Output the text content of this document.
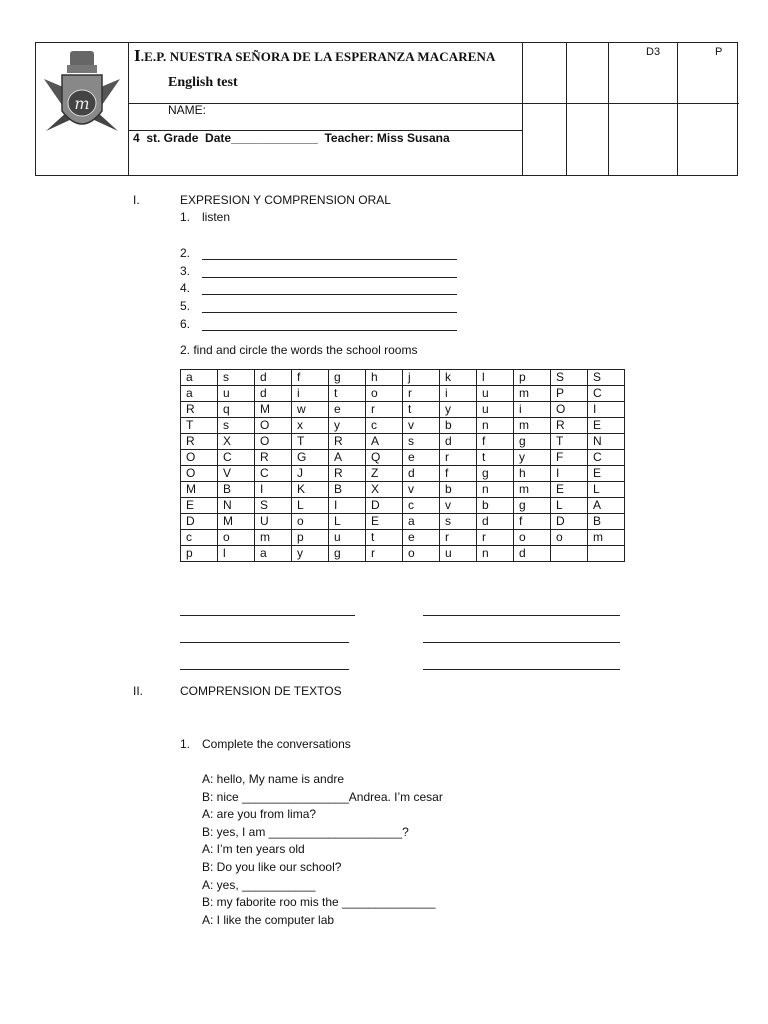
m
I.E.P. NUESTRA SEÑORA DE LA ESPERANZA MACARENA
English test
NAME:
4  st. Grade  Date_____________  Teacher: Miss Susana
D3	P
I.	EXPRESION Y COMPRENSION ORAL
1. listen
2.
3.
4.
5.
6.
2. find and circle the words the school rooms
a	s	d	f	g	h	j	k	l	p	S	S
a	u	d	i	t	o	r	i	u	m	P	C
R	q	M	w	e	r	t	y	u	i	O	I
T	s	O	x	y	c	v	b	n	m	R	E
R	X	O	T	R	A	s	d	f	g	T	N
O	C	R	G	A	Q	e	r	t	y	F	C
O	V	C	J	R	Z	d	f	g	h	I	E
M	B	I	K	B	X	v	b	n	m	E	L
E	N	S	L	I	D	c	v	b	g	L	A
D	M	U	o	L	E	a	s	d	f	D	B
c	o	m	p	u	t	e	r	r	o	o	m
p	l	a	y	g	r	o	u	n	d		
II.	COMPRENSION DE TEXTOS
1. Complete the conversations
A: hello, My name is andre
B: nice ________________Andrea. I’m cesar
A: are you from lima?
B: yes, I am ____________________?
A: I’m ten years old
B: Do you like our school?
A: yes, ___________
B: my faborite roo mis the ______________
A: I like the computer lab
